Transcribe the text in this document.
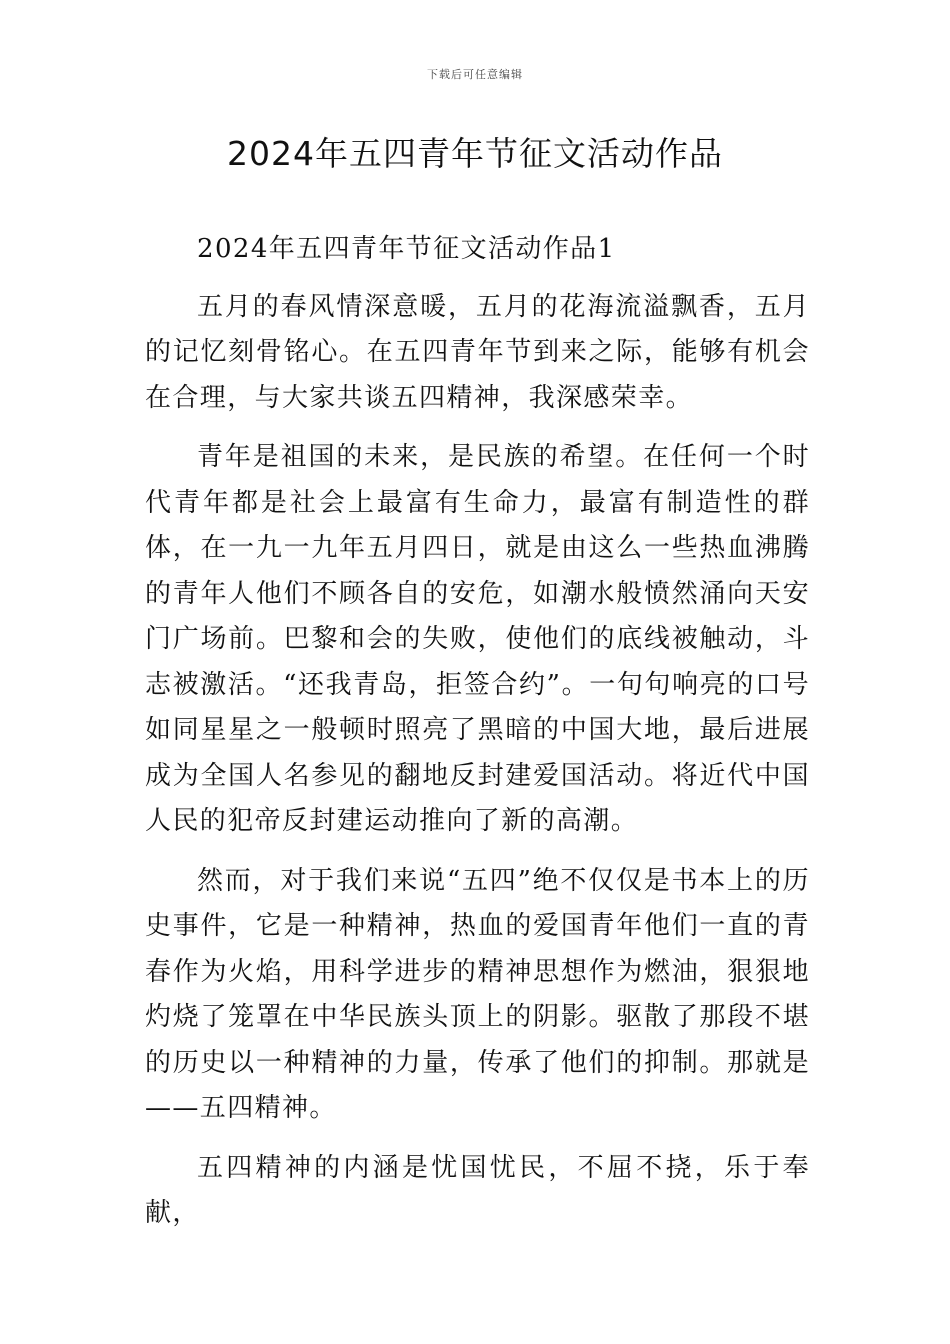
下载后可任意编辑
2024年五四青年节征文活动作品

2024年五四青年节征文活动作品1

五月的春风情深意暖，五月的花海流溢飘香，五月的记忆刻骨铭心。在五四青年节到来之际，能够有机会在合理，与大家共谈五四精神，我深感荣幸。

青年是祖国的未来，是民族的希望。在任何一个时代青年都是社会上最富有生命力，最富有制造性的群体，在一九一九年五月四日，就是由这么一些热血沸腾的青年人他们不顾各自的安危，如潮水般愤然涌向天安门广场前。巴黎和会的失败，使他们的底线被触动，斗志被激活。“还我青岛，拒签合约”。一句句响亮的口号如同星星之一般顿时照亮了黑暗的中国大地，最后进展成为全国人名参见的翻地反封建爱国活动。将近代中国人民的犯帝反封建运动推向了新的高潮。

然而，对于我们来说“五四”绝不仅仅是书本上的历史事件，它是一种精神，热血的爱国青年他们一直的青春作为火焰，用科学进步的精神思想作为燃油，狠狠地灼烧了笼罩在中华民族头顶上的阴影。驱散了那段不堪的历史以一种精神的力量，传承了他们的抑制。那就是——五四精神。

五四精神的内涵是忧国忧民，不屈不挠，乐于奉献，
